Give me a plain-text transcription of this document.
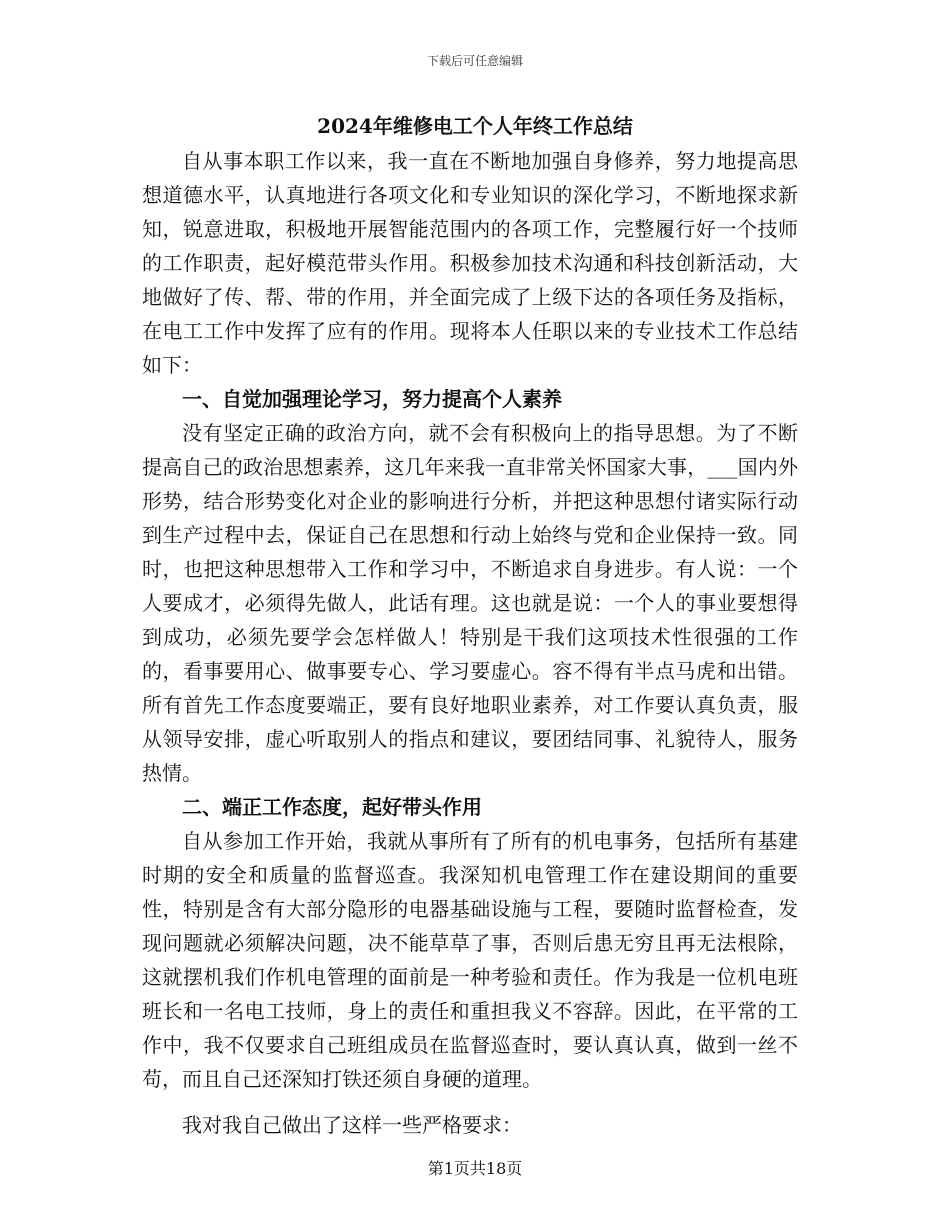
下载后可任意编辑
2024年维修电工个人年终工作总结

自从事本职工作以来，我一直在不断地加强自身修养，努力地提高思想道德水平，认真地进行各项文化和专业知识的深化学习，不断地探求新知，锐意进取，积极地开展智能范围内的各项工作，完整履行好一个技师的工作职责，起好模范带头作用。积极参加技术沟通和科技创新活动，大地做好了传、帮、带的作用，并全面完成了上级下达的各项任务及指标，在电工工作中发挥了应有的作用。现将本人任职以来的专业技术工作总结如下：

一、自觉加强理论学习，努力提高个人素养

没有坚定正确的政治方向，就不会有积极向上的指导思想。为了不断提高自己的政治思想素养，这几年来我一直非常关怀国家大事，___国内外形势，结合形势变化对企业的影响进行分析，并把这种思想付诸实际行动到生产过程中去，保证自己在思想和行动上始终与党和企业保持一致。同时，也把这种思想带入工作和学习中，不断追求自身进步。有人说：一个人要成才，必须得先做人，此话有理。这也就是说：一个人的事业要想得到成功，必须先要学会怎样做人！特别是干我们这项技术性很强的工作的，看事要用心、做事要专心、学习要虚心。容不得有半点马虎和出错。所有首先工作态度要端正，要有良好地职业素养，对工作要认真负责，服从领导安排，虚心听取别人的指点和建议，要团结同事、礼貌待人，服务热情。

二、端正工作态度，起好带头作用

自从参加工作开始，我就从事所有了所有的机电事务，包括所有基建时期的安全和质量的监督巡查。我深知机电管理工作在建设期间的重要性，特别是含有大部分隐形的电器基础设施与工程，要随时监督检查，发现问题就必须解决问题，决不能草草了事，否则后患无穷且再无法根除，这就摆机我们作机电管理的面前是一种考验和责任。作为我是一位机电班班长和一名电工技师，身上的责任和重担我义不容辞。因此，在平常的工作中，我不仅要求自己班组成员在监督巡查时，要认真认真，做到一丝不苟，而且自己还深知打铁还须自身硬的道理。

我对我自己做出了这样一些严格要求：

第1页共18页
